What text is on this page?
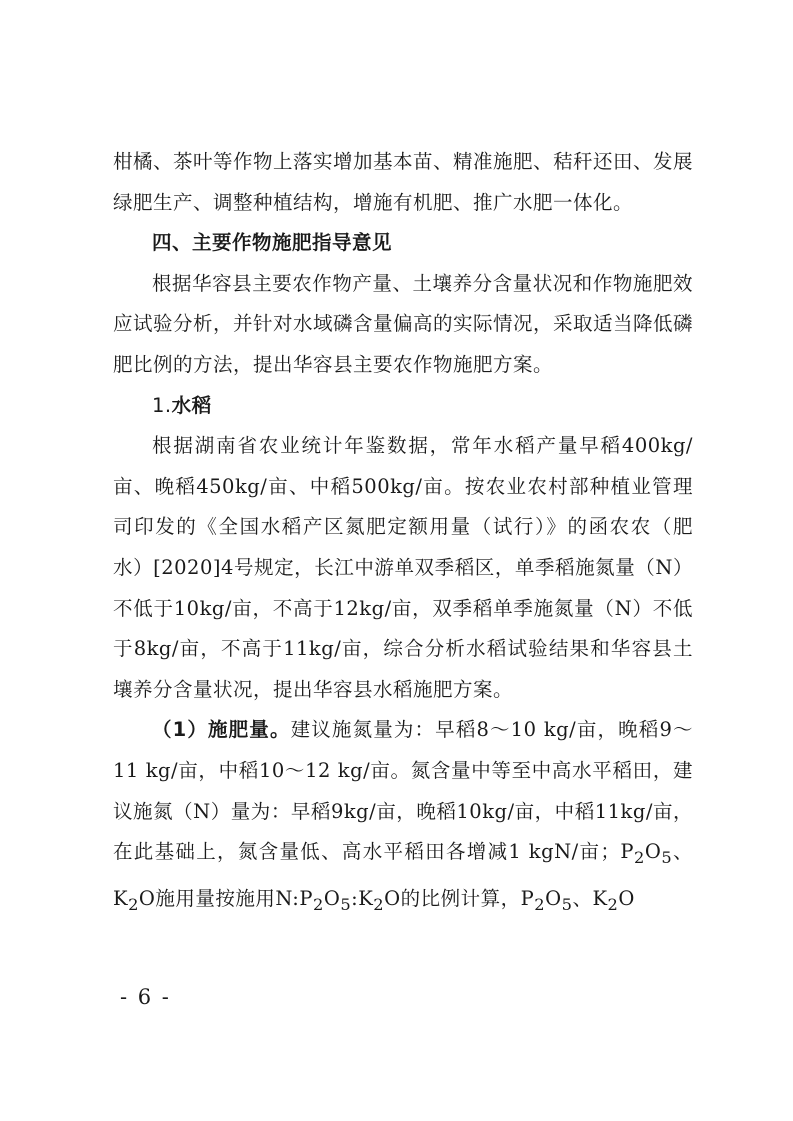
柑橘、茶叶等作物上落实增加基本苗、精准施肥、秸秆还田、发展绿肥生产、调整种植结构，增施有机肥、推广水肥一体化。

四、主要作物施肥指导意见

根据华容县主要农作物产量、土壤养分含量状况和作物施肥效应试验分析，并针对水域磷含量偏高的实际情况，采取适当降低磷肥比例的方法，提出华容县主要农作物施肥方案。

1.水稻

根据湖南省农业统计年鉴数据，常年水稻产量早稻400kg/亩、晚稻450kg/亩、中稻500kg/亩。按农业农村部种植业管理司印发的《全国水稻产区氮肥定额用量（试行）》的函农农（肥水）[2020]4号规定，长江中游单双季稻区，单季稻施氮量（N）不低于10kg/亩，不高于12kg/亩，双季稻单季施氮量（N）不低于8kg/亩，不高于11kg/亩，综合分析水稻试验结果和华容县土壤养分含量状况，提出华容县水稻施肥方案。

（1）施肥量。建议施氮量为：早稻8～10 kg/亩，晚稻9～11 kg/亩，中稻10～12 kg/亩。氮含量中等至中高水平稻田，建议施氮（N）量为：早稻9kg/亩，晚稻10kg/亩，中稻11kg/亩，在此基础上，氮含量低、高水平稻田各增减1 kgN/亩；$P_2O_5$、$K_2O$施用量按施用$N:P_2O_5:K_2O$的比例计算，$P_2O_5$、$K_2O$

- 6 -
